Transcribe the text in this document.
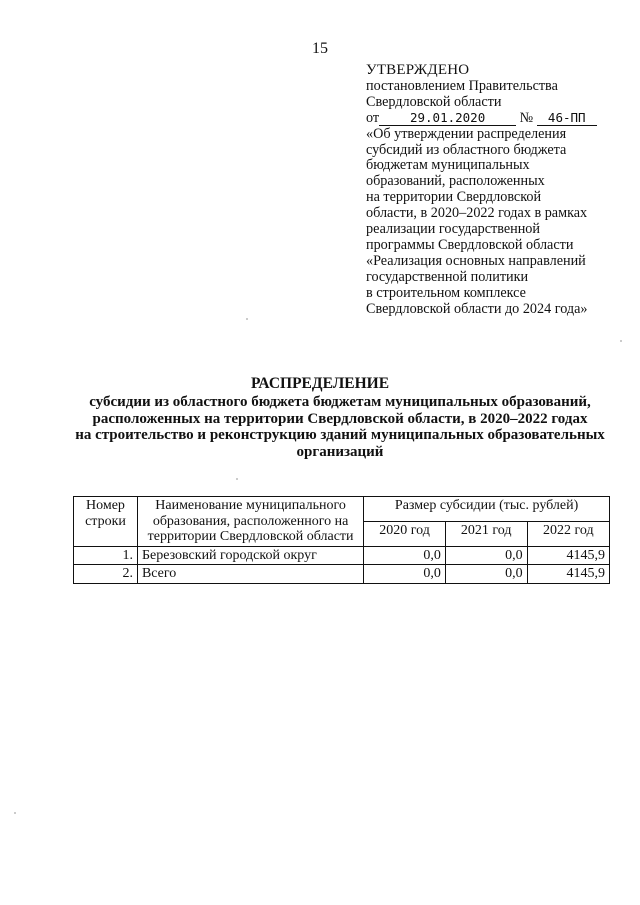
15
УТВЕРЖДЕНО
постановлением Правительства
Свердловской области
от 29.01.2020 № 46-ПП
«Об утверждении распределения
субсидий из областного бюджета
бюджетам муниципальных
образований, расположенных
на территории Свердловской
области, в 2020–2022 годах в рамках
реализации государственной
программы Свердловской области
«Реализация основных направлений
государственной политики
в строительном комплексе
Свердловской области до 2024 года»
РАСПРЕДЕЛЕНИЕ
субсидии из областного бюджета бюджетам муниципальных образований,
расположенных на территории Свердловской области, в 2020–2022 годах
на строительство и реконструкцию зданий муниципальных образовательных
организаций
Номер строки	Наименование муниципального образования, расположенного на территории Свердловской области	Размер субсидии (тыс. рублей)		
		2020 год	2021 год	2022 год
1.	Березовский городской округ	0,0	0,0	4145,9
2.	Всего	0,0	0,0	4145,9
